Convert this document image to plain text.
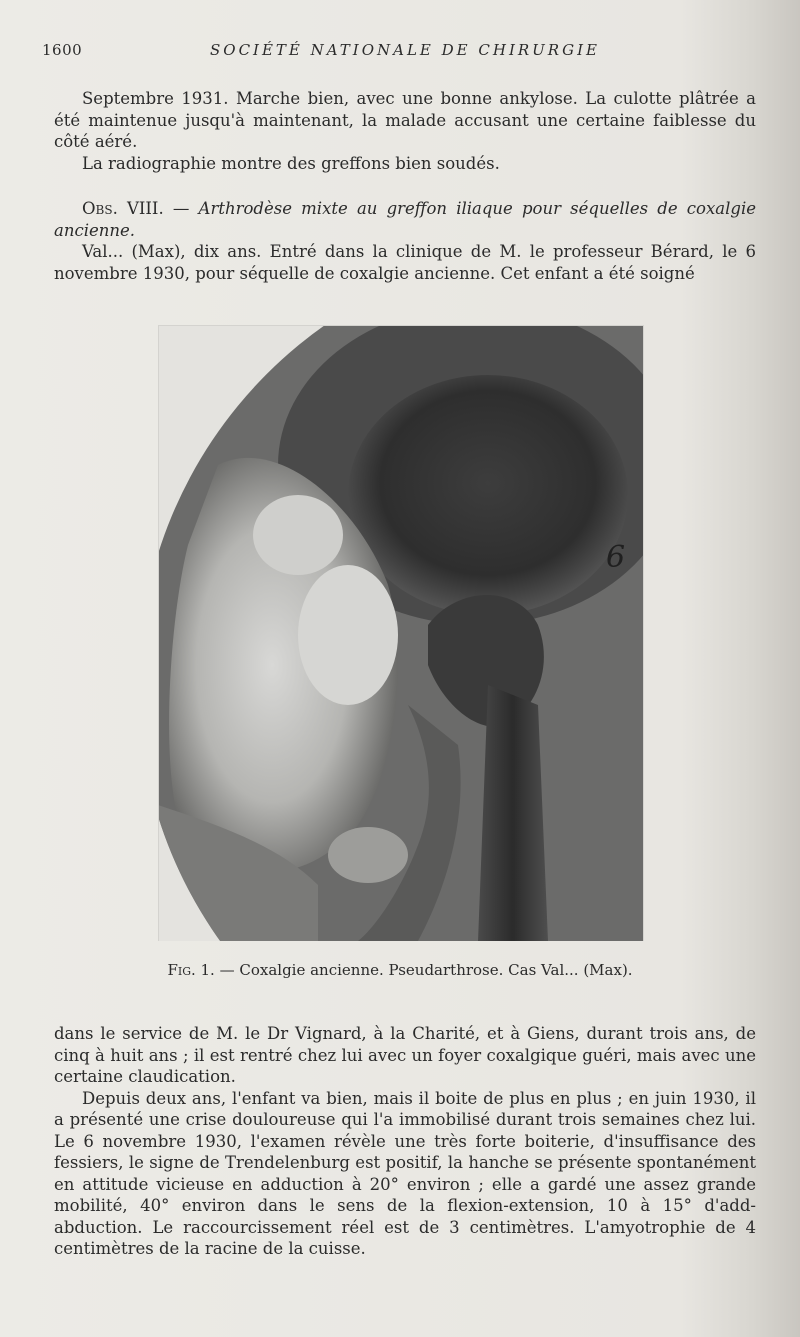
1600	SOCIÉTÉ NATIONALE DE CHIRURGIE

Septembre 1931. Marche bien, avec une bonne ankylose. La culotte plâtrée a été maintenue jusqu'à maintenant, la malade accusant une certaine faiblesse du côté aéré.

La radiographie montre des greffons bien soudés.

Obs. VIII. — Arthrodèse mixte au greffon iliaque pour séquelles de coxalgie ancienne.

Val... (Max), dix ans. Entré dans la clinique de M. le professeur Bérard, le 6 novembre 1930, pour séquelle de coxalgie ancienne. Cet enfant a été soigné

6
Fig. 1. — Coxalgie ancienne. Pseudarthrose. Cas Val... (Max).

dans le service de M. le Dr Vignard, à la Charité, et à Giens, durant trois ans, de cinq à huit ans ; il est rentré chez lui avec un foyer coxalgique guéri, mais avec une certaine claudication.

Depuis deux ans, l'enfant va bien, mais il boite de plus en plus ; en juin 1930, il a présenté une crise douloureuse qui l'a immobilisé durant trois semaines chez lui. Le 6 novembre 1930, l'examen révèle une très forte boiterie, d'insuffisance des fessiers, le signe de Trendelenburg est positif, la hanche se présente spontanément en attitude vicieuse en adduction à 20° environ ; elle a gardé une assez grande mobilité, 40° environ dans le sens de la flexion-extension, 10 à 15° d'add-abduction. Le raccourcissement réel est de 3 centimètres. L'amyotrophie de 4 centimètres de la racine de la cuisse.
